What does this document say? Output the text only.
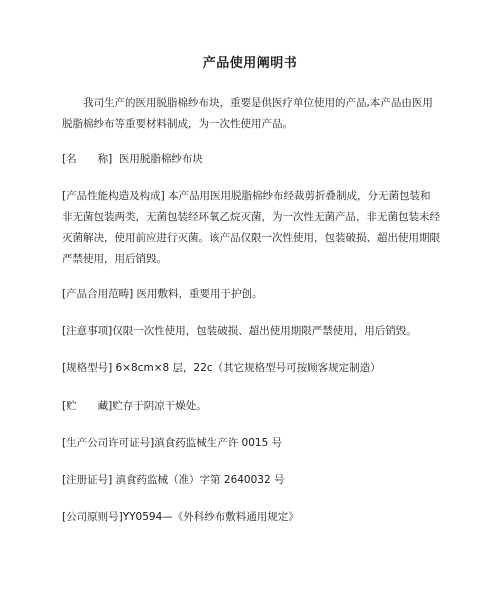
产品使用阐明书

我司生产的医用脱脂棉纱布块，重要是供医疗单位使用的产品,本产品由医用脱脂棉纱布等重要材料制成，为一次性使用产品。

[名　　称] 医用脱脂棉纱布块

[产品性能构造及构成] 本产品用医用脱脂棉纱布经裁剪折叠制成，分无菌包装和非无菌包装两类，无菌包装经环氧乙烷灭菌，为一次性无菌产品，非无菌包装未经灭菌解决，使用前应进行灭菌。该产品仅限一次性使用，包装破损、超出使用期限严禁使用，用后销毁。

[产品合用范畴] 医用敷料，重要用于护创。

[注意事项]仅限一次性使用，包装破损、超出使用期限严禁使用，用后销毁。

[规格型号] 6×8cm×8 层，22c（其它规格型号可按顾客规定制造）

[贮　　藏]贮存于阴凉干燥处。

[生产公司许可证号]滇食药监械生产许 0015 号

[注册证号] 滇食药监械（准）字第 2640032 号

[公司原则号]YY0594—《外科纱布敷料通用规定》
